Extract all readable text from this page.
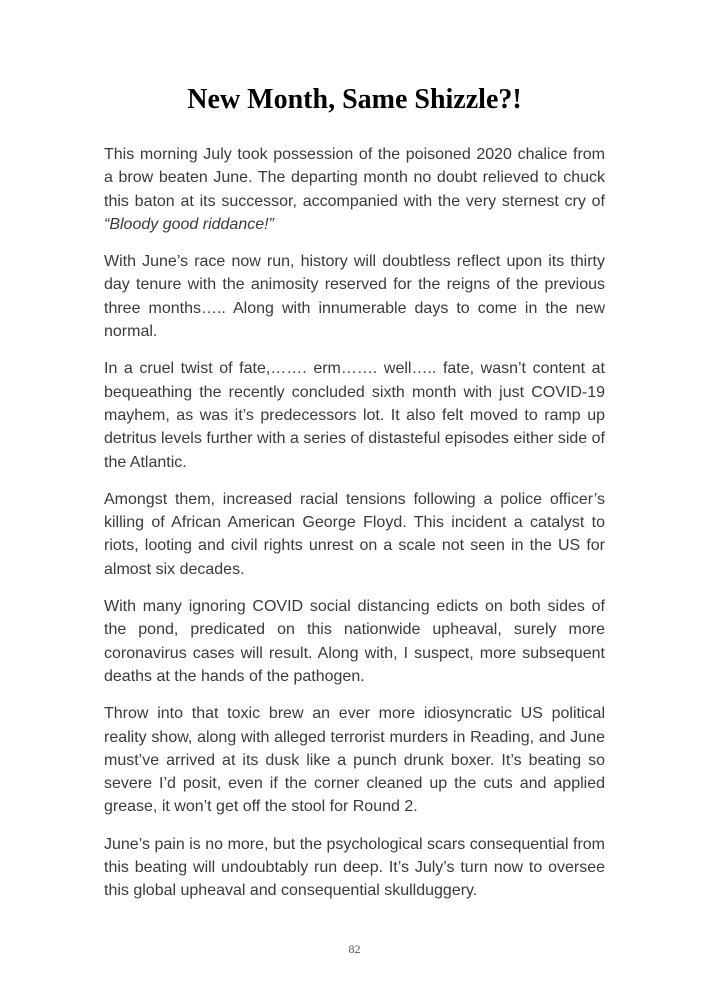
New Month, Same Shizzle?!

This morning July took possession of the poisoned 2020 chalice from a brow beaten June. The departing month no doubt relieved to chuck this baton at its successor, accompanied with the very sternest cry of “Bloody good riddance!”

With June’s race now run, history will doubtless reflect upon its thirty day tenure with the animosity reserved for the reigns of the previous three months….. Along with innumerable days to come in the new normal.

In a cruel twist of fate,……. erm……. well….. fate, wasn’t content at bequeathing the recently concluded sixth month with just COVID-19 mayhem, as was it’s predecessors lot. It also felt moved to ramp up detritus levels further with a series of distasteful episodes either side of the Atlantic.

Amongst them, increased racial tensions following a police officer’s killing of African American George Floyd. This incident a catalyst to riots, looting and civil rights unrest on a scale not seen in the US for almost six decades.

With many ignoring COVID social distancing edicts on both sides of the pond, predicated on this nationwide upheaval, surely more coronavirus cases will result. Along with, I suspect, more subsequent deaths at the hands of the pathogen.

Throw into that toxic brew an ever more idiosyncratic US political reality show, along with alleged terrorist murders in Reading, and June must’ve arrived at its dusk like a punch drunk boxer. It’s beating so severe I’d posit, even if the corner cleaned up the cuts and applied grease, it won’t get off the stool for Round 2.

June’s pain is no more, but the psychological scars consequential from this beating will undoubtably run deep. It’s July’s turn now to oversee this global upheaval and consequential skullduggery.

82
